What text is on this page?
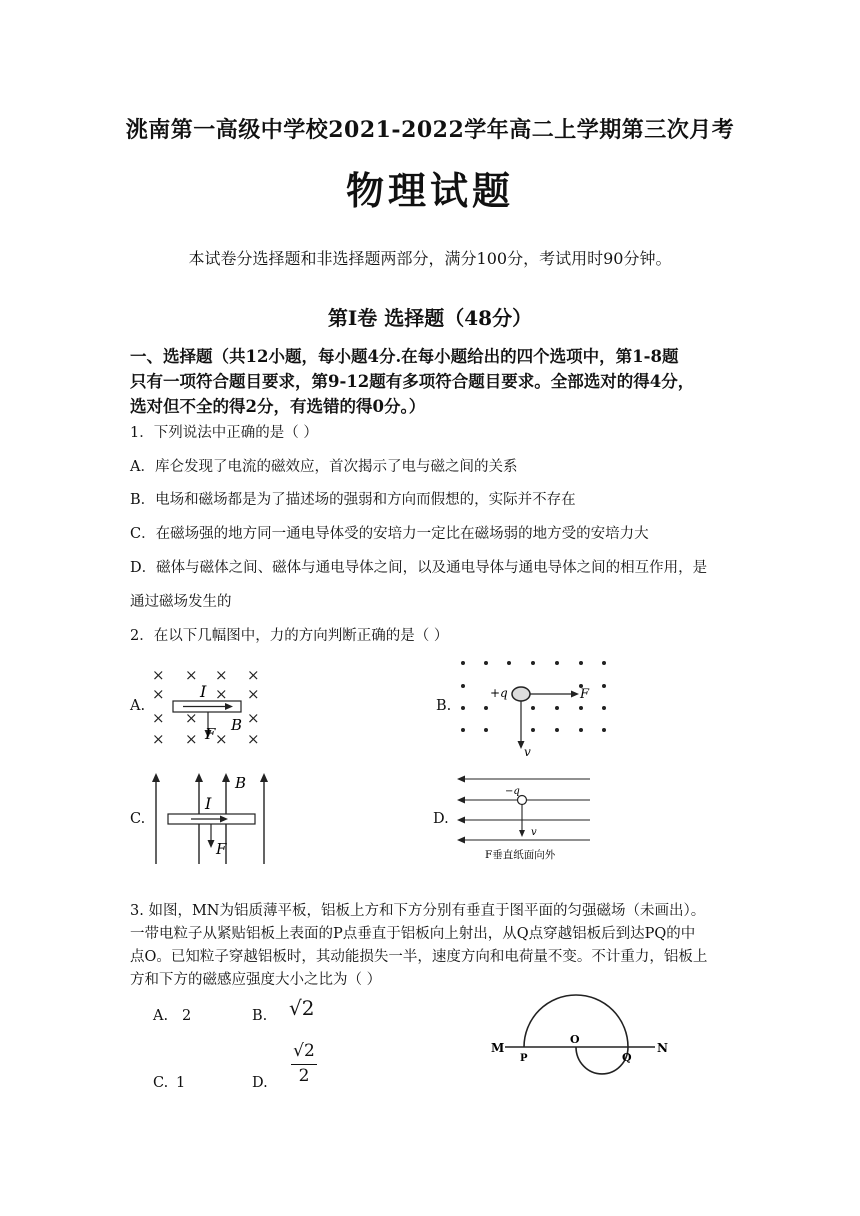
洮南第一高级中学校2021-2022学年高二上学期第三次月考
物理试题
本试卷分选择题和非选择题两部分，满分100分，考试用时90分钟。
第Ⅰ卷 选择题（48分）
一、选择题（共12小题，每小题4分.在每小题给出的四个选项中，第1-8题
只有一项符合题目要求，第9-12题有多项符合题目要求。全部选对的得4分，
选对但不全的得2分，有选错的得0分。）
1．下列说法中正确的是（ ）
A．库仑发现了电流的磁效应，首次揭示了电与磁之间的关系
B．电场和磁场都是为了描述场的强弱和方向而假想的，实际并不存在
C．在磁场强的地方同一通电导体受的安培力一定比在磁场弱的地方受的安培力大
D．磁体与磁体之间、磁体与通电导体之间，以及通电导体与通电导体之间的相互作用，是
通过磁场发生的
2．在以下几幅图中，力的方向判断正确的是（ ）
A.	B.
C.	D.
× × × ×
×	×
×
× ×	×
× × × ×
I
B
F
+q	F
v
I
B
F
−q
v
F垂直纸面向外
3. 如图，MN为铝质薄平板，铝板上方和下方分别有垂直于图平面的匀强磁场（未画出）。
一带电粒子从紧贴铝板上表面的P点垂直于铝板向上射出，从Q点穿越铝板后到达PQ的中
点O。已知粒子穿越铝板时，其动能损失一半，速度方向和电荷量不变。不计重力，铝板上
方和下方的磁感应强度大小之比为（ ）
A. 2	B. √2
C. 1	D.
√2
2
M
P
O
Q
N
